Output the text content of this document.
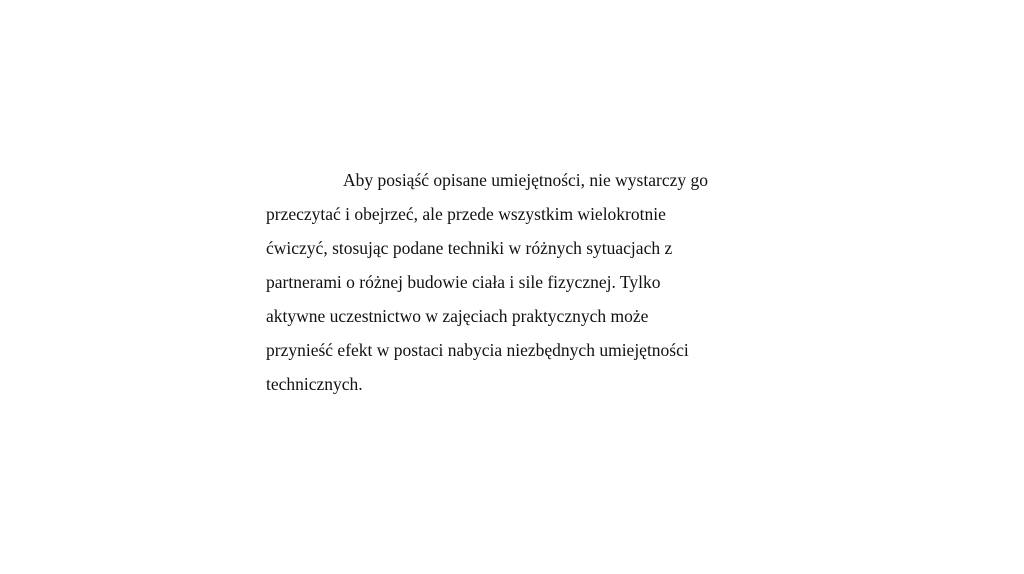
Aby posiąść opisane umiejętności, nie wystarczy go
przeczytać i obejrzeć, ale przede wszystkim wielokrotnie
ćwiczyć, stosując podane techniki w różnych sytuacjach z
partnerami o różnej budowie ciała i sile fizycznej. Tylko
aktywne uczestnictwo w zajęciach praktycznych może
przynieść efekt w postaci nabycia niezbędnych umiejętności
technicznych.
